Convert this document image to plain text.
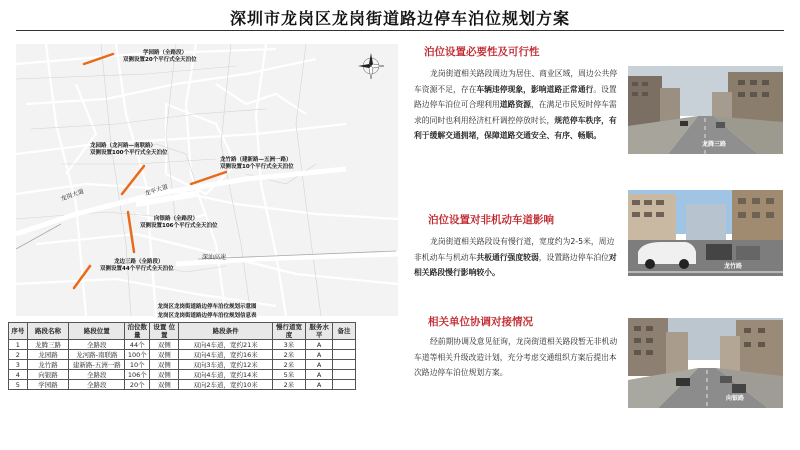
深圳市龙岗区龙岗街道路边停车泊位规划方案
学园路（全路段）
双侧设置20个平行式全天泊位
龙园路（龙河路—南联路）
双侧设置100个平行式全天泊位
龙竹路（建新路—五洲一路）
双侧设置10个平行式全天泊位
向银路（全路段）
双侧设置106个平行式全天泊位
龙边三路（全路段）
双侧设置44个平行式全天泊位
龙岗大道	龙平大道
深汕高速
龙岗区龙岗街道路边停车泊位规划示意图
龙岗区龙岗街道路边停车泊位规划信息表
序号	路段名称	路段位置	泊位数量	设置 位置	路段条件	慢行道宽度	服务水平	备注
1	龙腾三路	全路段	44个	双侧	双向4车道，宽约21米	3米	A	
2	龙园路	龙河路-南联路	100个	双侧	双向4车道，宽约16米	2米	A	
3	龙竹路	建新路-五洲一路	10个	双侧	双向3车道，宽约12米	2米	A	
4	向银路	全路段	106个	双侧	双向4车道，宽约14米	5米	A	
5	学园路	全路段	20个	双侧	双向2车道，宽约10米	2米	A	
泊位设置必要性及可行性
龙岗街道相关路段周边为居住、商业区域，周边公共停车资源不足，存在车辆违停现象，影响道路正常通行。设置路边停车泊位可合理利用道路资源，在满足市民短时停车需求的同时也利用经济杠杆调控停放时长，规范停车秩序，有利于缓解交通拥堵，保障道路交通安全、有序、畅顺。
泊位设置对非机动车道影响
龙岗街道相关路段设有慢行道，宽度约为2-5米，周边非机动车与机动车共板通行强度较弱，设置路边停车泊位对相关路段慢行影响较小。
相关单位协调对接情况
经前期协调及意见征询，龙岗街道相关路段暂无非机动车道等相关升级改造计划，充分考虑交通组织方案后提出本次路边停车泊位规划方案。
龙腾三路
龙竹路
向银路
